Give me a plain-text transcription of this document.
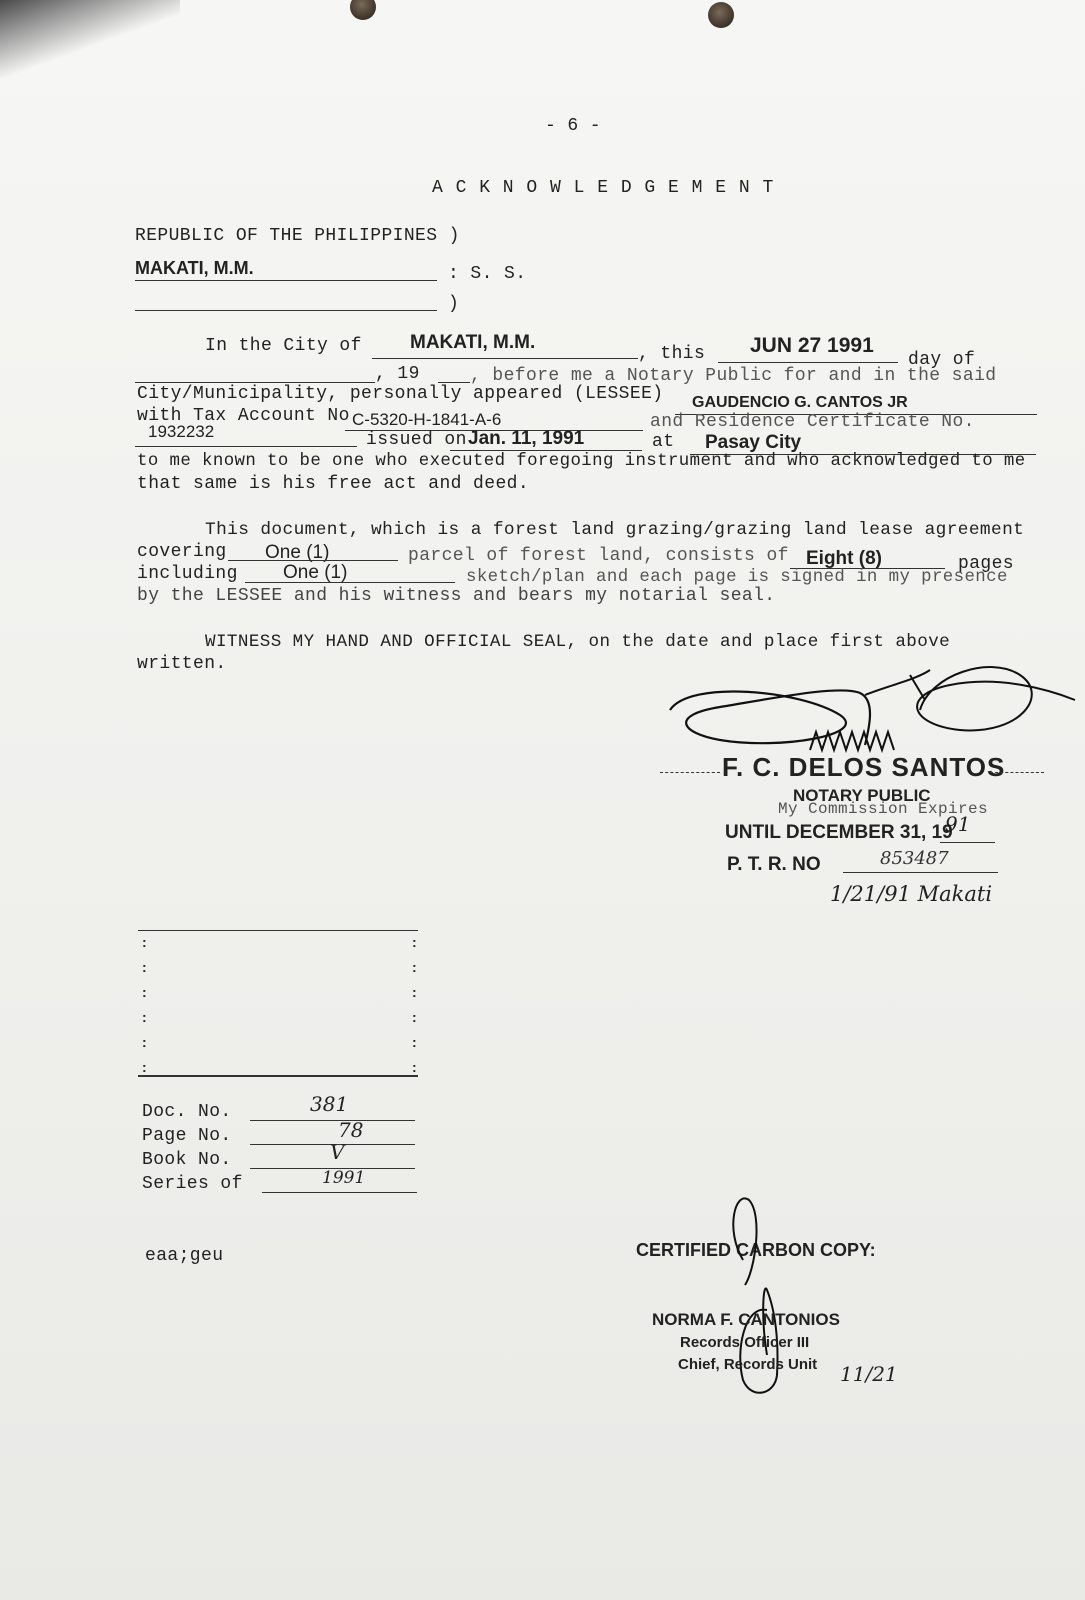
- 6 -
A C K N O W L E D G E M E N T
REPUBLIC OF THE PHILIPPINES )
MAKATI, M.M.	: S. S.
)
In the City of	MAKATI, M.M.
, this JUN 27 1991
day of
, 19	, before me a Notary Public for and in the said
City/Municipality, personally appeared (LESSEE) GAUDENCIO G. CANTOS JR
with Tax Account No C-5320-H-1841-A-6	and Residence Certificate No.
1932232	issued on Jan. 11, 1991	at Pasay City
to me known to be one who executed foregoing instrument and who acknowledged to me
that same is his free act and deed.
This document, which is a forest land grazing/grazing land lease agreement
covering One (1)	parcel of forest land, consists of Eight (8)	pages
including One (1)	sketch/plan and each page is signed in my presence
by the LESSEE and his witness and bears my notarial seal.
WITNESS MY HAND AND OFFICIAL SEAL, on the date and place first above
written.
F. C. DELOS SANTOS
NOTARY PUBLIC
My Commission Expires
UNTIL DECEMBER 31, 19
91
P. T. R. NO	853487
1/21/91 Makati
:
:
:
:
:
:
:
:
:
:
:
:
Doc. No.	381
Page No.	78
Book No.	V
Series of	1991
eaa;geu	CERTIFIED CARBON COPY:
NORMA F. CANTONIOS
Records Officer III
Chief, Records Unit 11/21
